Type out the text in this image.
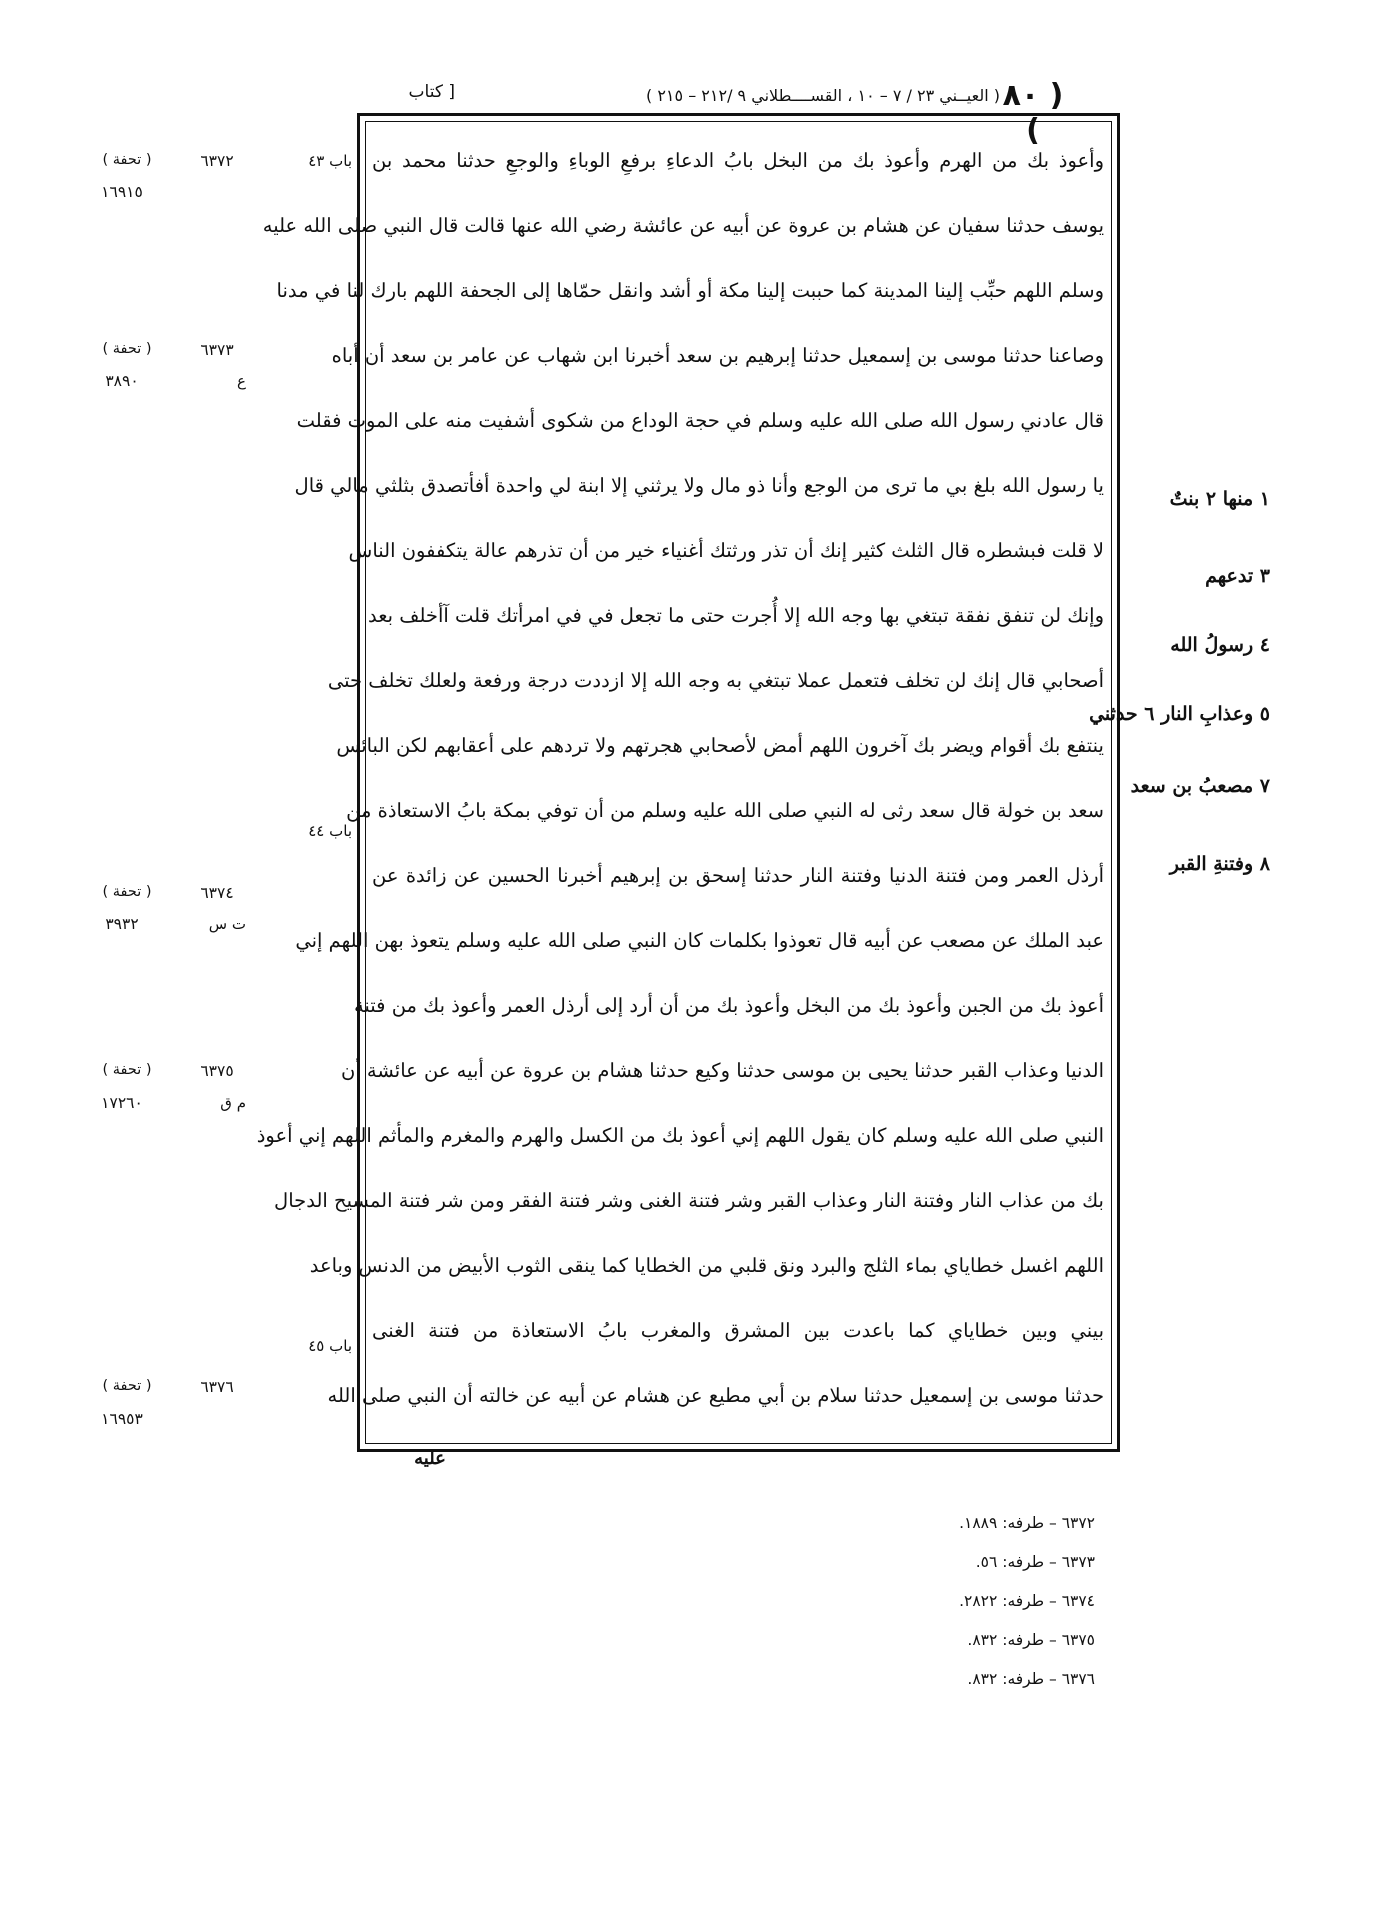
( ٨٠ )
( العيــني ٢٣ / ٧ – ١٠ ، القســــطلاني ٩ /٢١٢ – ٢١٥ )
[ كتاب
وأعوذ بك من الهرم وأعوذ بك من البخل بابُ الدعاءِ برفعِ الوباءِ والوجعِ حدثنا محمد بن
يوسف حدثنا سفيان عن هشام بن عروة عن أبيه عن عائشة رضي الله عنها قالت قال النبي صلى الله عليه
وسلم اللهم حبِّب إلينا المدينة كما حببت إلينا مكة أو أشد وانقل حمّاها إلى الجحفة اللهم بارك لنا في مدنا
وصاعنا حدثنا موسى بن إسمعيل حدثنا إبرهيم بن سعد أخبرنا ابن شهاب عن عامر بن سعد أن أباه
قال عادني رسول الله صلى الله عليه وسلم في حجة الوداع من شكوى أشفيت منه على الموت فقلت
يا رسول الله بلغ بي ما ترى من الوجع وأنا ذو مال ولا يرثني إلا ابنة لي واحدة أفأتصدق بثلثي مالي قال
لا قلت فبشطره قال الثلث كثير إنك أن تذر ورثتك أغنياء خير من أن تذرهم عالة يتكففون الناس
وإنك لن تنفق نفقة تبتغي بها وجه الله إلا أُجرت حتى ما تجعل في في امرأتك قلت آأخلف بعد
أصحابي قال إنك لن تخلف فتعمل عملا تبتغي به وجه الله إلا ازددت درجة ورفعة ولعلك تخلف حتى
ينتفع بك أقوام ويضر بك آخرون اللهم أمض لأصحابي هجرتهم ولا تردهم على أعقابهم لكن البائس
سعد بن خولة قال سعد رثى له النبي صلى الله عليه وسلم من أن توفي بمكة بابُ الاستعاذة من
أرذل العمر ومن فتنة الدنيا وفتنة النار حدثنا إسحق بن إبرهيم أخبرنا الحسين عن زائدة عن
عبد الملك عن مصعب عن أبيه قال تعوذوا بكلمات كان النبي صلى الله عليه وسلم يتعوذ بهن اللهم إني
أعوذ بك من الجبن وأعوذ بك من البخل وأعوذ بك من أن أرد إلى أرذل العمر وأعوذ بك من فتنة
الدنيا وعذاب القبر حدثنا يحيى بن موسى حدثنا وكيع حدثنا هشام بن عروة عن أبيه عن عائشة أن
النبي صلى الله عليه وسلم كان يقول اللهم إني أعوذ بك من الكسل والهرم والمغرم والمأثم اللهم إني أعوذ
بك من عذاب النار وفتنة النار وعذاب القبر وشر فتنة الغنى وشر فتنة الفقر ومن شر فتنة المسيح الدجال
اللهم اغسل خطاياي بماء الثلج والبرد ونق قلبي من الخطايا كما ينقى الثوب الأبيض من الدنس وباعد
بيني وبين خطاياي كما باعدت بين المشرق والمغرب بابُ الاستعاذة من فتنة الغنى
حدثنا موسى بن إسمعيل حدثنا سلام بن أبي مطيع عن هشام عن أبيه عن خالته أن النبي صلى الله
عليه
باب ٤٣
باب ٤٤
باب ٤٥
٦٣٧٢
( تحفة )
١٦٩١٥
٦٣٧٣
( تحفة )
ع
٣٨٩٠
٦٣٧٤
( تحفة )
ت س
٣٩٣٢
٦٣٧٥
( تحفة )
م ق
١٧٢٦٠
٦٣٧٦
( تحفة )
١٦٩٥٣
١ منها ٢ بنتٌ
٣ تدعهم
٤ رسولُ الله
٥ وعذابِ النار ٦ حدثني
٧ مصعبُ بن سعد
٨ وفتنةِ القبر
٦٣٧٢ – طرفه: ١٨٨٩.
٦٣٧٣ – طرفه: ٥٦.
٦٣٧٤ – طرفه: ٢٨٢٢.
٦٣٧٥ – طرفه: ٨٣٢.
٦٣٧٦ – طرفه: ٨٣٢.
